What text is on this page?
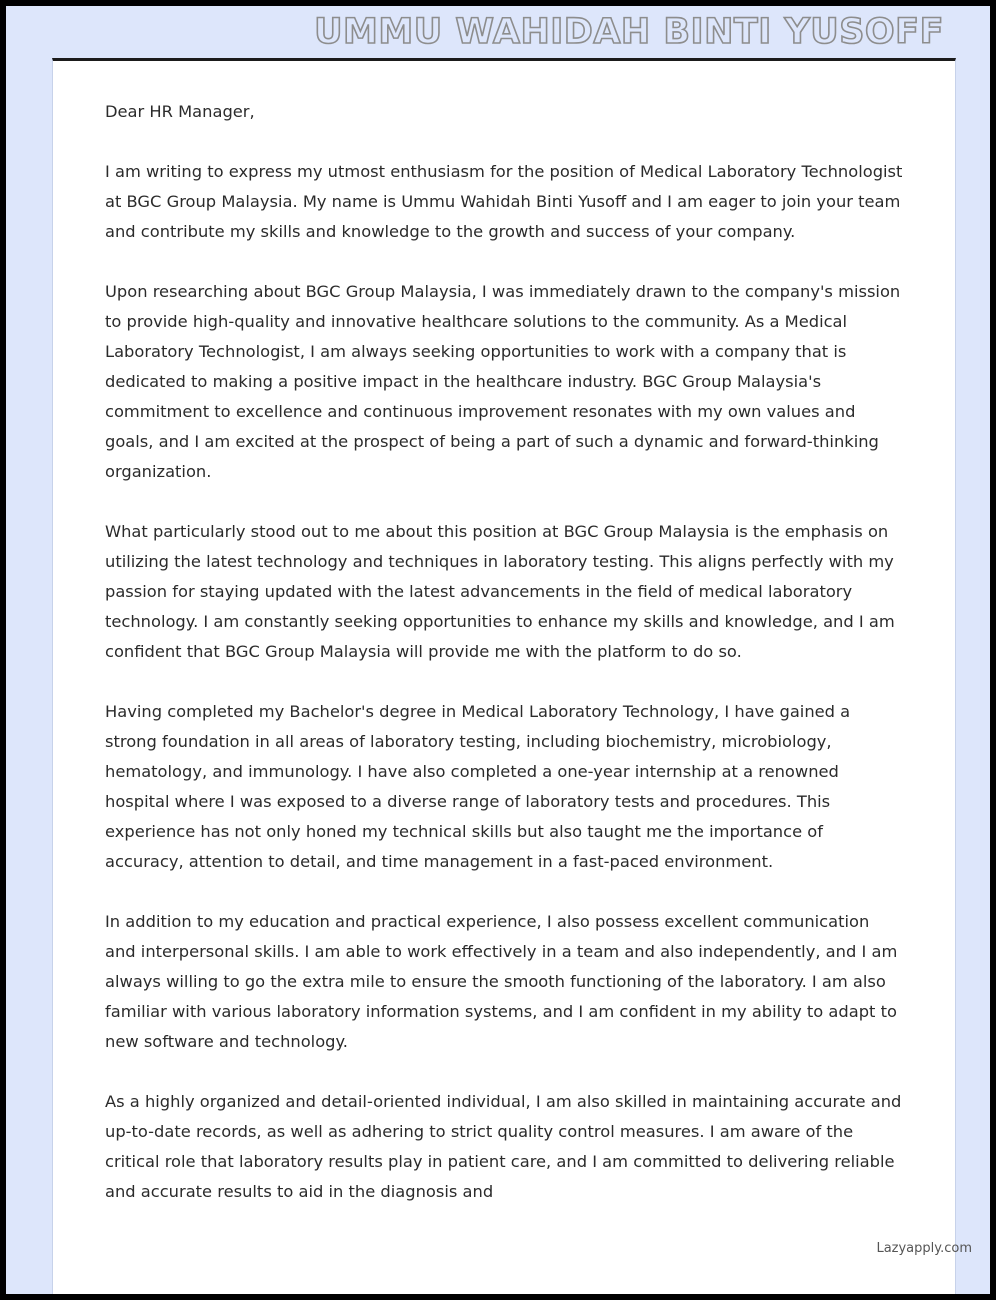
UMMU WAHIDAH BINTI YUSOFF

Dear HR Manager,

I am writing to express my utmost enthusiasm for the position of Medical Laboratory Technologist at BGC Group Malaysia. My name is Ummu Wahidah Binti Yusoff and I am eager to join your team and contribute my skills and knowledge to the growth and success of your company.

Upon researching about BGC Group Malaysia, I was immediately drawn to the company's mission to provide high-quality and innovative healthcare solutions to the community. As a Medical Laboratory Technologist, I am always seeking opportunities to work with a company that is dedicated to making a positive impact in the healthcare industry. BGC Group Malaysia's commitment to excellence and continuous improvement resonates with my own values and goals, and I am excited at the prospect of being a part of such a dynamic and forward-thinking organization.

What particularly stood out to me about this position at BGC Group Malaysia is the emphasis on utilizing the latest technology and techniques in laboratory testing. This aligns perfectly with my passion for staying updated with the latest advancements in the field of medical laboratory technology. I am constantly seeking opportunities to enhance my skills and knowledge, and I am confident that BGC Group Malaysia will provide me with the platform to do so.

Having completed my Bachelor's degree in Medical Laboratory Technology, I have gained a strong foundation in all areas of laboratory testing, including biochemistry, microbiology, hematology, and immunology. I have also completed a one-year internship at a renowned hospital where I was exposed to a diverse range of laboratory tests and procedures. This experience has not only honed my technical skills but also taught me the importance of accuracy, attention to detail, and time management in a fast-paced environment.

In addition to my education and practical experience, I also possess excellent communication and interpersonal skills. I am able to work effectively in a team and also independently, and I am always willing to go the extra mile to ensure the smooth functioning of the laboratory. I am also familiar with various laboratory information systems, and I am confident in my ability to adapt to new software and technology.

As a highly organized and detail-oriented individual, I am also skilled in maintaining accurate and up-to-date records, as well as adhering to strict quality control measures. I am aware of the critical role that laboratory results play in patient care, and I am committed to delivering reliable and accurate results to aid in the diagnosis and

Lazyapply.com
